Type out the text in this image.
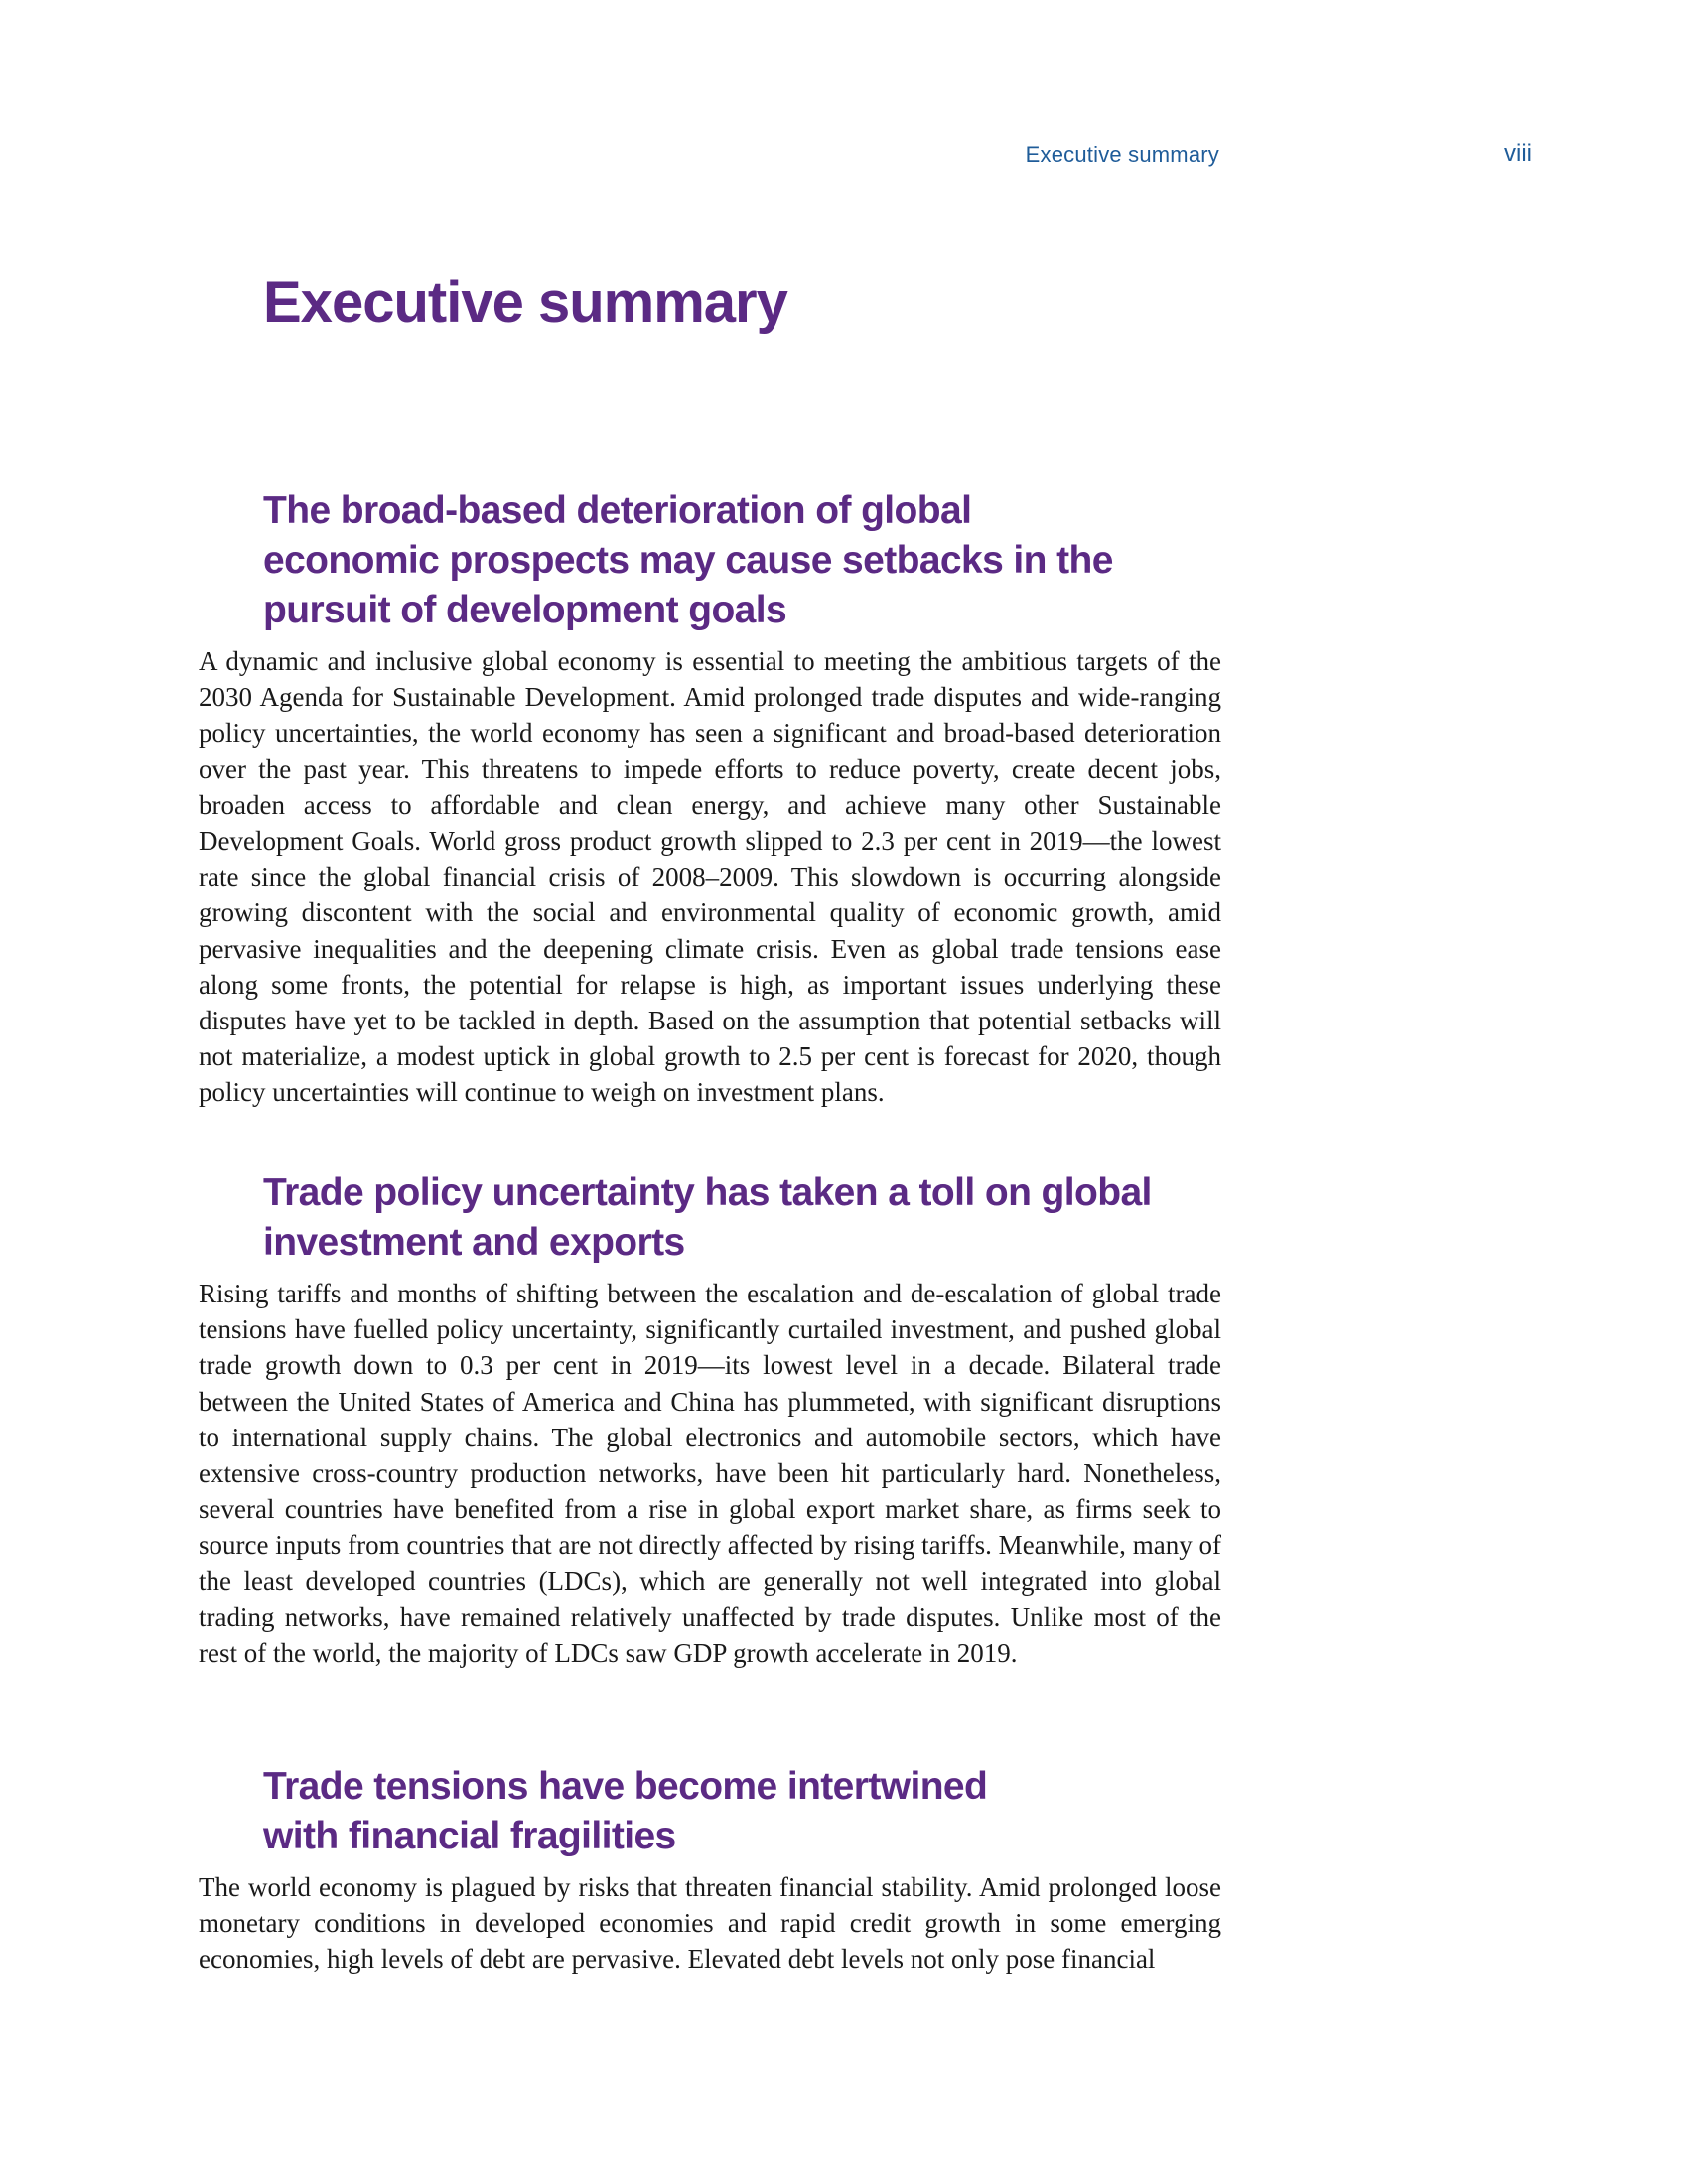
Executive summary	viii
Executive summary
The broad-based deterioration of global economic prospects may cause setbacks in the pursuit of development goals

A dynamic and inclusive global economy is essential to meeting the ambitious targets of the 2030 Agenda for Sustainable Development. Amid prolonged trade disputes and wide-ranging policy uncertainties, the world economy has seen a significant and broad-based deterioration over the past year. This threatens to impede efforts to reduce poverty, create decent jobs, broaden access to affordable and clean energy, and achieve many other Sustainable Development Goals. World gross product growth slipped to 2.3 per cent in 2019—the lowest rate since the global financial crisis of 2008–2009. This slowdown is occurring alongside growing discontent with the social and environmental quality of economic growth, amid pervasive inequalities and the deepening climate crisis. Even as global trade tensions ease along some fronts, the potential for relapse is high, as important issues underlying these disputes have yet to be tackled in depth. Based on the assumption that potential setbacks will not materialize, a modest uptick in global growth to 2.5 per cent is forecast for 2020, though policy uncertainties will continue to weigh on investment plans.

Trade policy uncertainty has taken a toll on global investment and exports

Rising tariffs and months of shifting between the escalation and de-escalation of global trade tensions have fuelled policy uncertainty, significantly curtailed investment, and pushed global trade growth down to 0.3 per cent in 2019—its lowest level in a decade. Bilateral trade between the United States of America and China has plummeted, with significant disruptions to international supply chains. The global electronics and automobile sectors, which have extensive cross-country production networks, have been hit particularly hard. Nonetheless, several countries have benefited from a rise in global export market share, as firms seek to source inputs from countries that are not directly affected by rising tariffs. Meanwhile, many of the least developed countries (LDCs), which are generally not well integrated into global trading networks, have remained relatively unaffected by trade disputes. Unlike most of the rest of the world, the majority of LDCs saw GDP growth accelerate in 2019.

Trade tensions have become intertwined with financial fragilities

The world economy is plagued by risks that threaten financial stability. Amid prolonged loose monetary conditions in developed economies and rapid credit growth in some emerging economies, high levels of debt are pervasive. Elevated debt levels not only pose financial
